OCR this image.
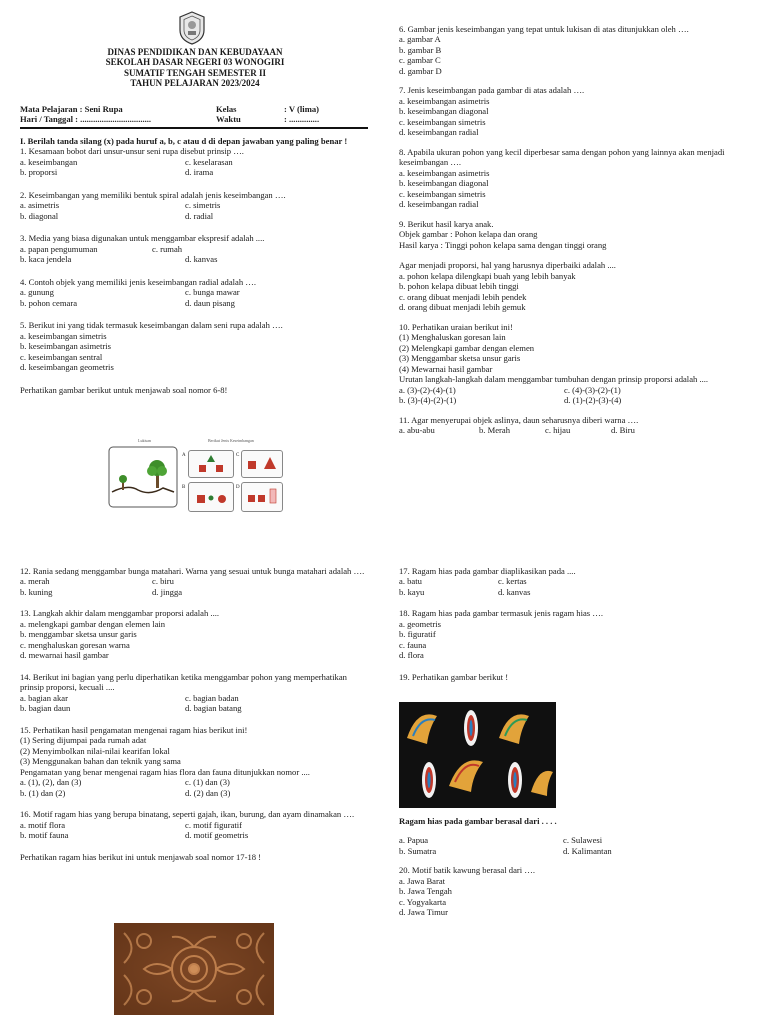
DINAS PENDIDIKAN DAN KEBUDAYAAN
SEKOLAH DASAR NEGERI 03 WONOGIRI
SUMATIF TENGAH SEMESTER II
TAHUN PELAJARAN 2023/2024
Mata Pelajaran : Seni Rupa	Kelas	: V (lima)
Hari / Tanggal : .................................	Waktu	: ..............
I. Berilah tanda silang (x) pada huruf a, b, c atau d di depan jawaban yang paling benar !
1. Kesamaan bobot dari unsur-unsur seni rupa disebut prinsip ….
a. keseimbangan	c. keselarasan
b. proporsi	d. irama
2. Keseimbangan yang memiliki bentuk spiral adalah jenis keseimbangan ….
a. asimetris	c. simetris
b. diagonal	d. radial
3. Media yang biasa digunakan untuk menggambar ekspresif adalah ....
a. papan pengumuman	c. rumah
b. kaca jendela	d. kanvas
4. Contoh objek yang memiliki jenis keseimbangan radial adalah ….
a. gunung	c. bunga mawar
b. pohon cemara	d. daun pisang
5. Berikut ini yang tidak termasuk keseimbangan dalam seni rupa adalah ….
a. keseimbangan simetris
b. keseimbangan asimetris
c. keseimbangan sentral
d. keseimbangan geometris
Perhatikan gambar berikut untuk menjawab soal nomor 6-8!
Lukisan	Berikut Jenis Keseimbangan
A	C
B	D
6. Gambar jenis keseimbangan yang tepat untuk lukisan di atas ditunjukkan oleh ….
a. gambar A
b. gambar B
c. gambar C
d. gambar D
7. Jenis keseimbangan pada gambar di atas adalah ….
a. keseimbangan asimetris
b. keseimbangan diagonal
c. keseimbangan simetris
d. keseimbangan radial
8. Apabila ukuran pohon yang kecil diperbesar sama dengan pohon yang lainnya akan menjadi keseimbangan ….
a. keseimbangan asimetris
b. keseimbangan diagonal
c. keseimbangan simetris
d. keseimbangan radial
9. Berikut hasil karya anak.
Objek gambar : Pohon kelapa dan orang
Hasil karya : Tinggi pohon kelapa sama dengan tinggi orang
Agar menjadi proporsi, hal yang harusnya diperbaiki adalah ....
a. pohon kelapa dilengkapi buah yang lebih banyak
b. pohon kelapa dibuat lebih tinggi
c. orang dibuat menjadi lebih pendek
d. orang dibuat menjadi lebih gemuk
10. Perhatikan uraian berikut ini!
(1) Menghaluskan goresan lain
(2) Melengkapi gambar dengan elemen
(3) Menggambar sketsa unsur garis
(4) Mewarnai hasil gambar
Urutan langkah-langkah dalam menggambar tumbuhan dengan prinsip proporsi adalah ....
a. (3)-(2)-(4)-(1)	c. (4)-(3)-(2)-(1)
b. (3)-(4)-(2)-(1)	d. (1)-(2)-(3)-(4)
11. Agar menyerupai objek aslinya, daun seharusnya diberi warna ….
a. abu-abu	b. Merah	c. hijau	d. Biru
12. Rania sedang menggambar bunga matahari. Warna yang sesuai untuk bunga matahari adalah ….
a. merah	c. biru
b. kuning	d. jingga
13. Langkah akhir dalam menggambar proporsi adalah ....
a. melengkapi gambar dengan elemen lain
b. menggambar sketsa unsur garis
c. menghaluskan goresan warna
d. mewarnai hasil gambar
14. Berikut ini bagian yang perlu diperhatikan ketika menggambar pohon yang memperhatikan prinsip proporsi, kecuali ....
a. bagian akar	c. bagian badan
b. bagian daun	d. bagian batang
15. Perhatikan hasil pengamatan mengenai ragam hias berikut ini!
(1) Sering dijumpai pada rumah adat
(2) Menyimbolkan nilai-nilai kearifan lokal
(3) Menggunakan bahan dan teknik yang sama
Pengamatan yang benar mengenai ragam hias flora dan fauna ditunjukkan nomor ....
a. (1), (2), dan (3)	c. (1) dan (3)
b. (1) dan (2)	d. (2) dan (3)
16. Motif ragam hias yang berupa binatang, seperti gajah, ikan, burung, dan ayam dinamakan ….
a. motif flora	c. motif figuratif
b. motif fauna	d. motif geometris
Perhatikan ragam hias berikut ini untuk menjawab soal nomor 17-18 !
17. Ragam hias pada gambar diaplikasikan pada ....
a. batu	c. kertas
b. kayu	d. kanvas
18. Ragam hias pada gambar termasuk jenis ragam hias ….
a. geometris
b. figuratif
c. fauna
d. flora
19. Perhatikan gambar berikut !
Ragam hias pada gambar berasal dari . . . .
a. Papua	c. Sulawesi
b. Sumatra	d. Kalimantan
20. Motif batik kawung berasal dari ….
a. Jawa Barat
b. Jawa Tengah
c. Yogyakarta
d. Jawa Timur
